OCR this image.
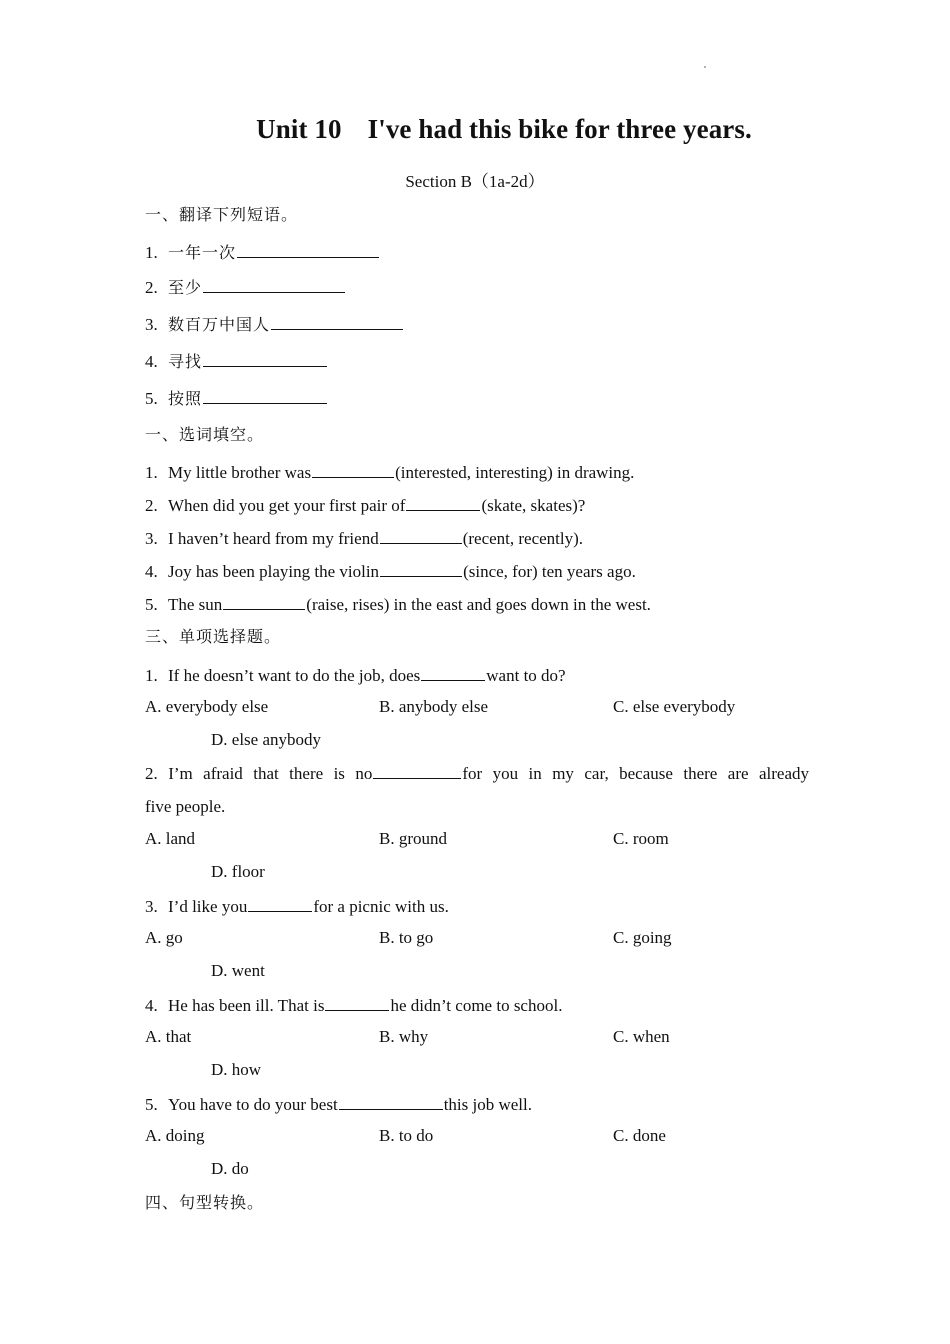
Unit 10 I've had this bike for three years.
Section B（1a-2d）
一、翻译下列短语。
1. 一年一次
2. 至少
3. 数百万中国人
4. 寻找
5. 按照
一、选词填空。
1. My little brother was	(interested, interesting) in drawing.
2. When did you get your first pair of	(skate, skates)?
3. I haven’t heard from my friend	(recent, recently).
4. Joy has been playing the violin	(since, for) ten years ago.
5. The sun	(raise, rises) in the east and goes down in the west.
三、单项选择题。
1. If he doesn’t want to do the job, does	want to do?
A. everybody else	B. anybody else	C. else everybody
D. else anybody
2. I’m afraid that there is no	for you in my car, because there are already
five people.
A. land	B. ground	C. room
D. floor
3. I’d like you	for a picnic with us.
A. go	B. to go	C. going
D. went
4. He has been ill. That is	he didn’t come to school.
A. that	B. why	C. when
D. how
5. You have to do your best	this job well.
A. doing	B. to do	C. done
D. do
四、句型转换。
